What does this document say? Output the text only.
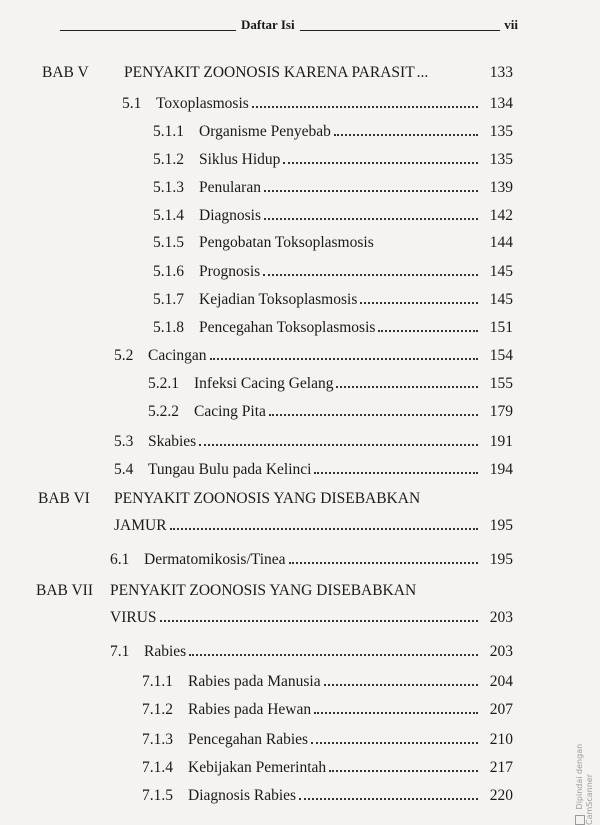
Daftar Isi	vii
BAB V PENYAKIT ZOONOSIS KARENA PARASIT ...	133
5.1 Toxoplasmosis	134
5.1.1 Organisme Penyebab	135
5.1.2 Siklus Hidup	135
5.1.3 Penularan	139
5.1.4 Diagnosis	142
5.1.5 Pengobatan Toksoplasmosis	144
5.1.6 Prognosis	145
5.1.7 Kejadian Toksoplasmosis	145
5.1.8 Pencegahan Toksoplasmosis	151
5.2 Cacingan	154
5.2.1 Infeksi Cacing Gelang	155
5.2.2 Cacing Pita	179
5.3 Skabies	191
5.4 Tungau Bulu pada Kelinci	194
BAB VI PENYAKIT ZOONOSIS YANG DISEBABKAN
JAMUR	195
6.1 Dermatomikosis/Tinea	195
BAB VII PENYAKIT ZOONOSIS YANG DISEBABKAN
VIRUS	203
7.1 Rabies	203
7.1.1 Rabies pada Manusia	204
7.1.2 Rabies pada Hewan	207
7.1.3 Pencegahan Rabies	210
7.1.4 Kebijakan Pemerintah	217
7.1.5 Diagnosis Rabies	220	Dipindai dengan CamScanner
